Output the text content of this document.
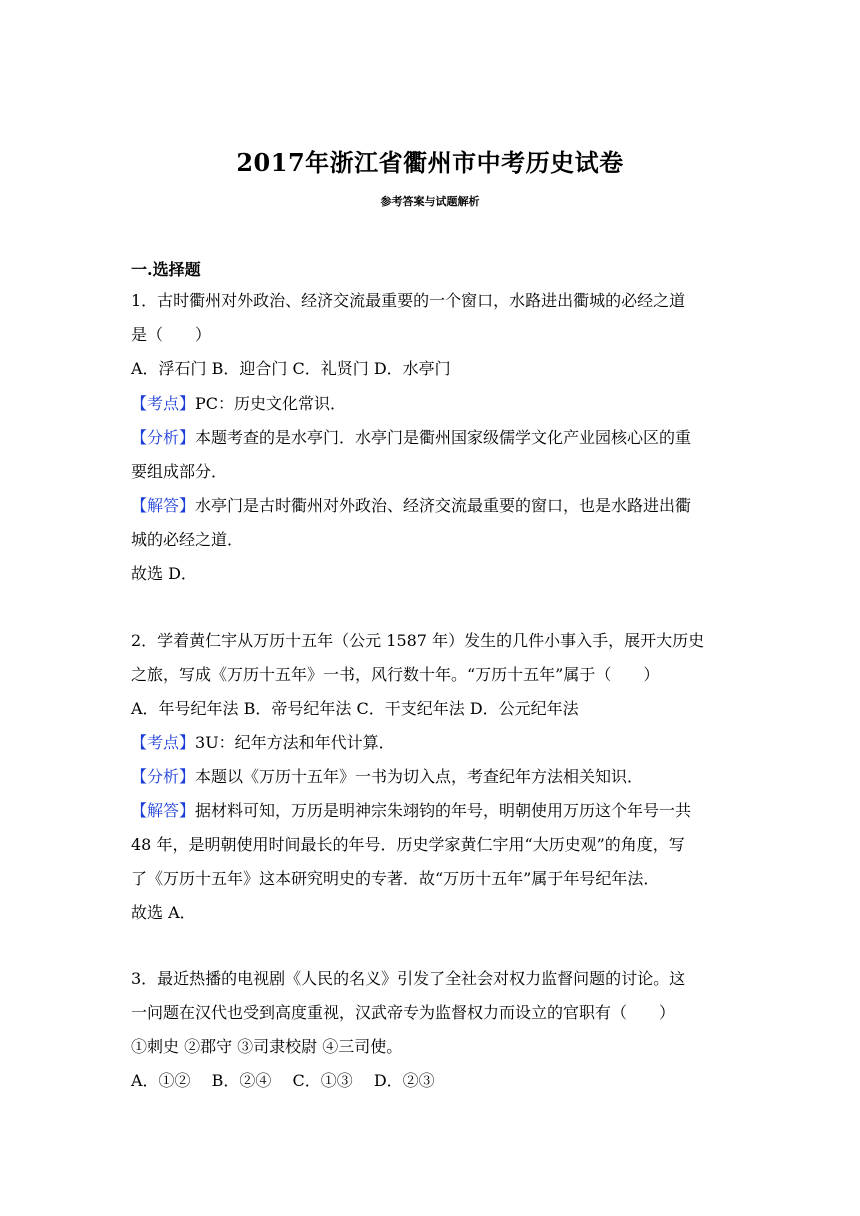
2017年浙江省衢州市中考历史试卷
参考答案与试题解析
一.选择题
1．古时衢州对外政治、经济交流最重要的一个窗口，水路进出衢城的必经之道
是（　　）
A．浮石门 B．迎合门 C．礼贤门 D．水亭门
【考点】PC：历史文化常识．
【分析】本题考查的是水亭门．水亭门是衢州国家级儒学文化产业园核心区的重
要组成部分．
【解答】水亭门是古时衢州对外政治、经济交流最重要的窗口，也是水路进出衢
城的必经之道．
故选 D．
2．学着黄仁宇从万历十五年（公元 1587 年）发生的几件小事入手，展开大历史
之旅，写成《万历十五年》一书，风行数十年。“万历十五年”属于（　　）
A．年号纪年法 B．帝号纪年法 C．干支纪年法 D．公元纪年法
【考点】3U：纪年方法和年代计算．
【分析】本题以《万历十五年》一书为切入点，考查纪年方法相关知识．
【解答】据材料可知，万历是明神宗朱翊钧的年号，明朝使用万历这个年号一共
48 年，是明朝使用时间最长的年号．历史学家黄仁宇用“大历史观”的角度，写
了《万历十五年》这本研究明史的专著．故“万历十五年”属于年号纪年法．
故选 A．
3．最近热播的电视剧《人民的名义》引发了全社会对权力监督问题的讨论。这
一问题在汉代也受到高度重视，汉武帝专为监督权力而设立的官职有（　　）
①刺史 ②郡守 ③司隶校尉 ④三司使。
A．①②　 B．②④　 C．①③　 D．②③
